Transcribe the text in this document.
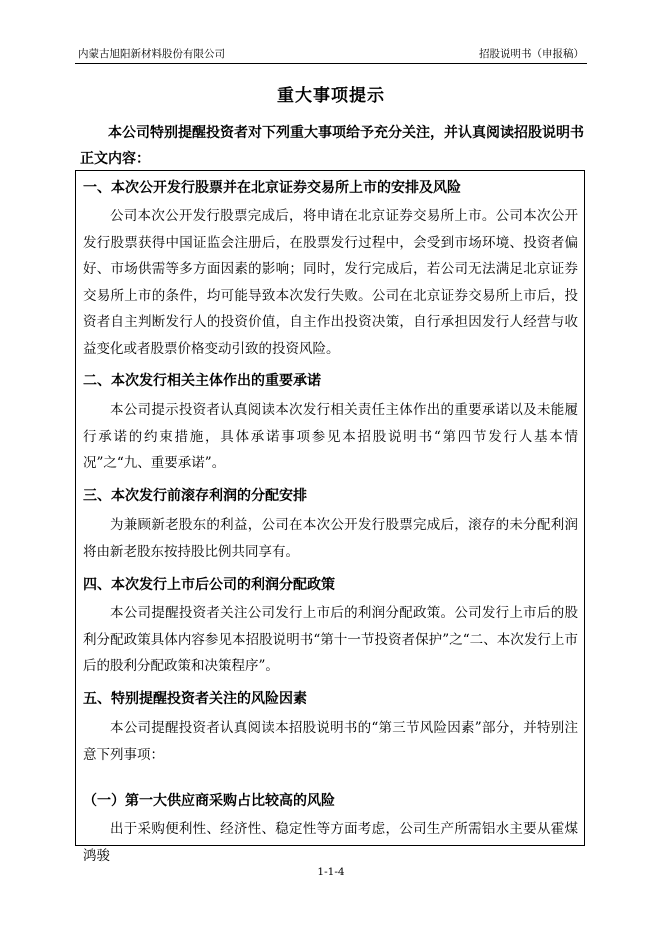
内蒙古旭阳新材料股份有限公司	招股说明书（申报稿）
重大事项提示
本公司特别提醒投资者对下列重大事项给予充分关注，并认真阅读招股说明书正文内容：
一、本次公开发行股票并在北京证券交易所上市的安排及风险
公司本次公开发行股票完成后，将申请在北京证券交易所上市。公司本次公开发行股票获得中国证监会注册后，在股票发行过程中，会受到市场环境、投资者偏好、市场供需等多方面因素的影响；同时，发行完成后，若公司无法满足北京证券交易所上市的条件，均可能导致本次发行失败。公司在北京证券交易所上市后，投资者自主判断发行人的投资价值，自主作出投资决策，自行承担因发行人经营与收益变化或者股票价格变动引致的投资风险。
二、本次发行相关主体作出的重要承诺
本公司提示投资者认真阅读本次发行相关责任主体作出的重要承诺以及未能履行承诺的约束措施，具体承诺事项参见本招股说明书“第四节发行人基本情况”之“九、重要承诺”。
三、本次发行前滚存利润的分配安排
为兼顾新老股东的利益，公司在本次公开发行股票完成后，滚存的未分配利润将由新老股东按持股比例共同享有。
四、本次发行上市后公司的利润分配政策
本公司提醒投资者关注公司发行上市后的利润分配政策。公司发行上市后的股利分配政策具体内容参见本招股说明书“第十一节投资者保护”之“二、本次发行上市后的股利分配政策和决策程序”。
五、特别提醒投资者关注的风险因素
本公司提醒投资者认真阅读本招股说明书的“第三节风险因素”部分，并特别注意下列事项：
（一）第一大供应商采购占比较高的风险
出于采购便利性、经济性、稳定性等方面考虑，公司生产所需铝水主要从霍煤鸿骏
1-1-4
